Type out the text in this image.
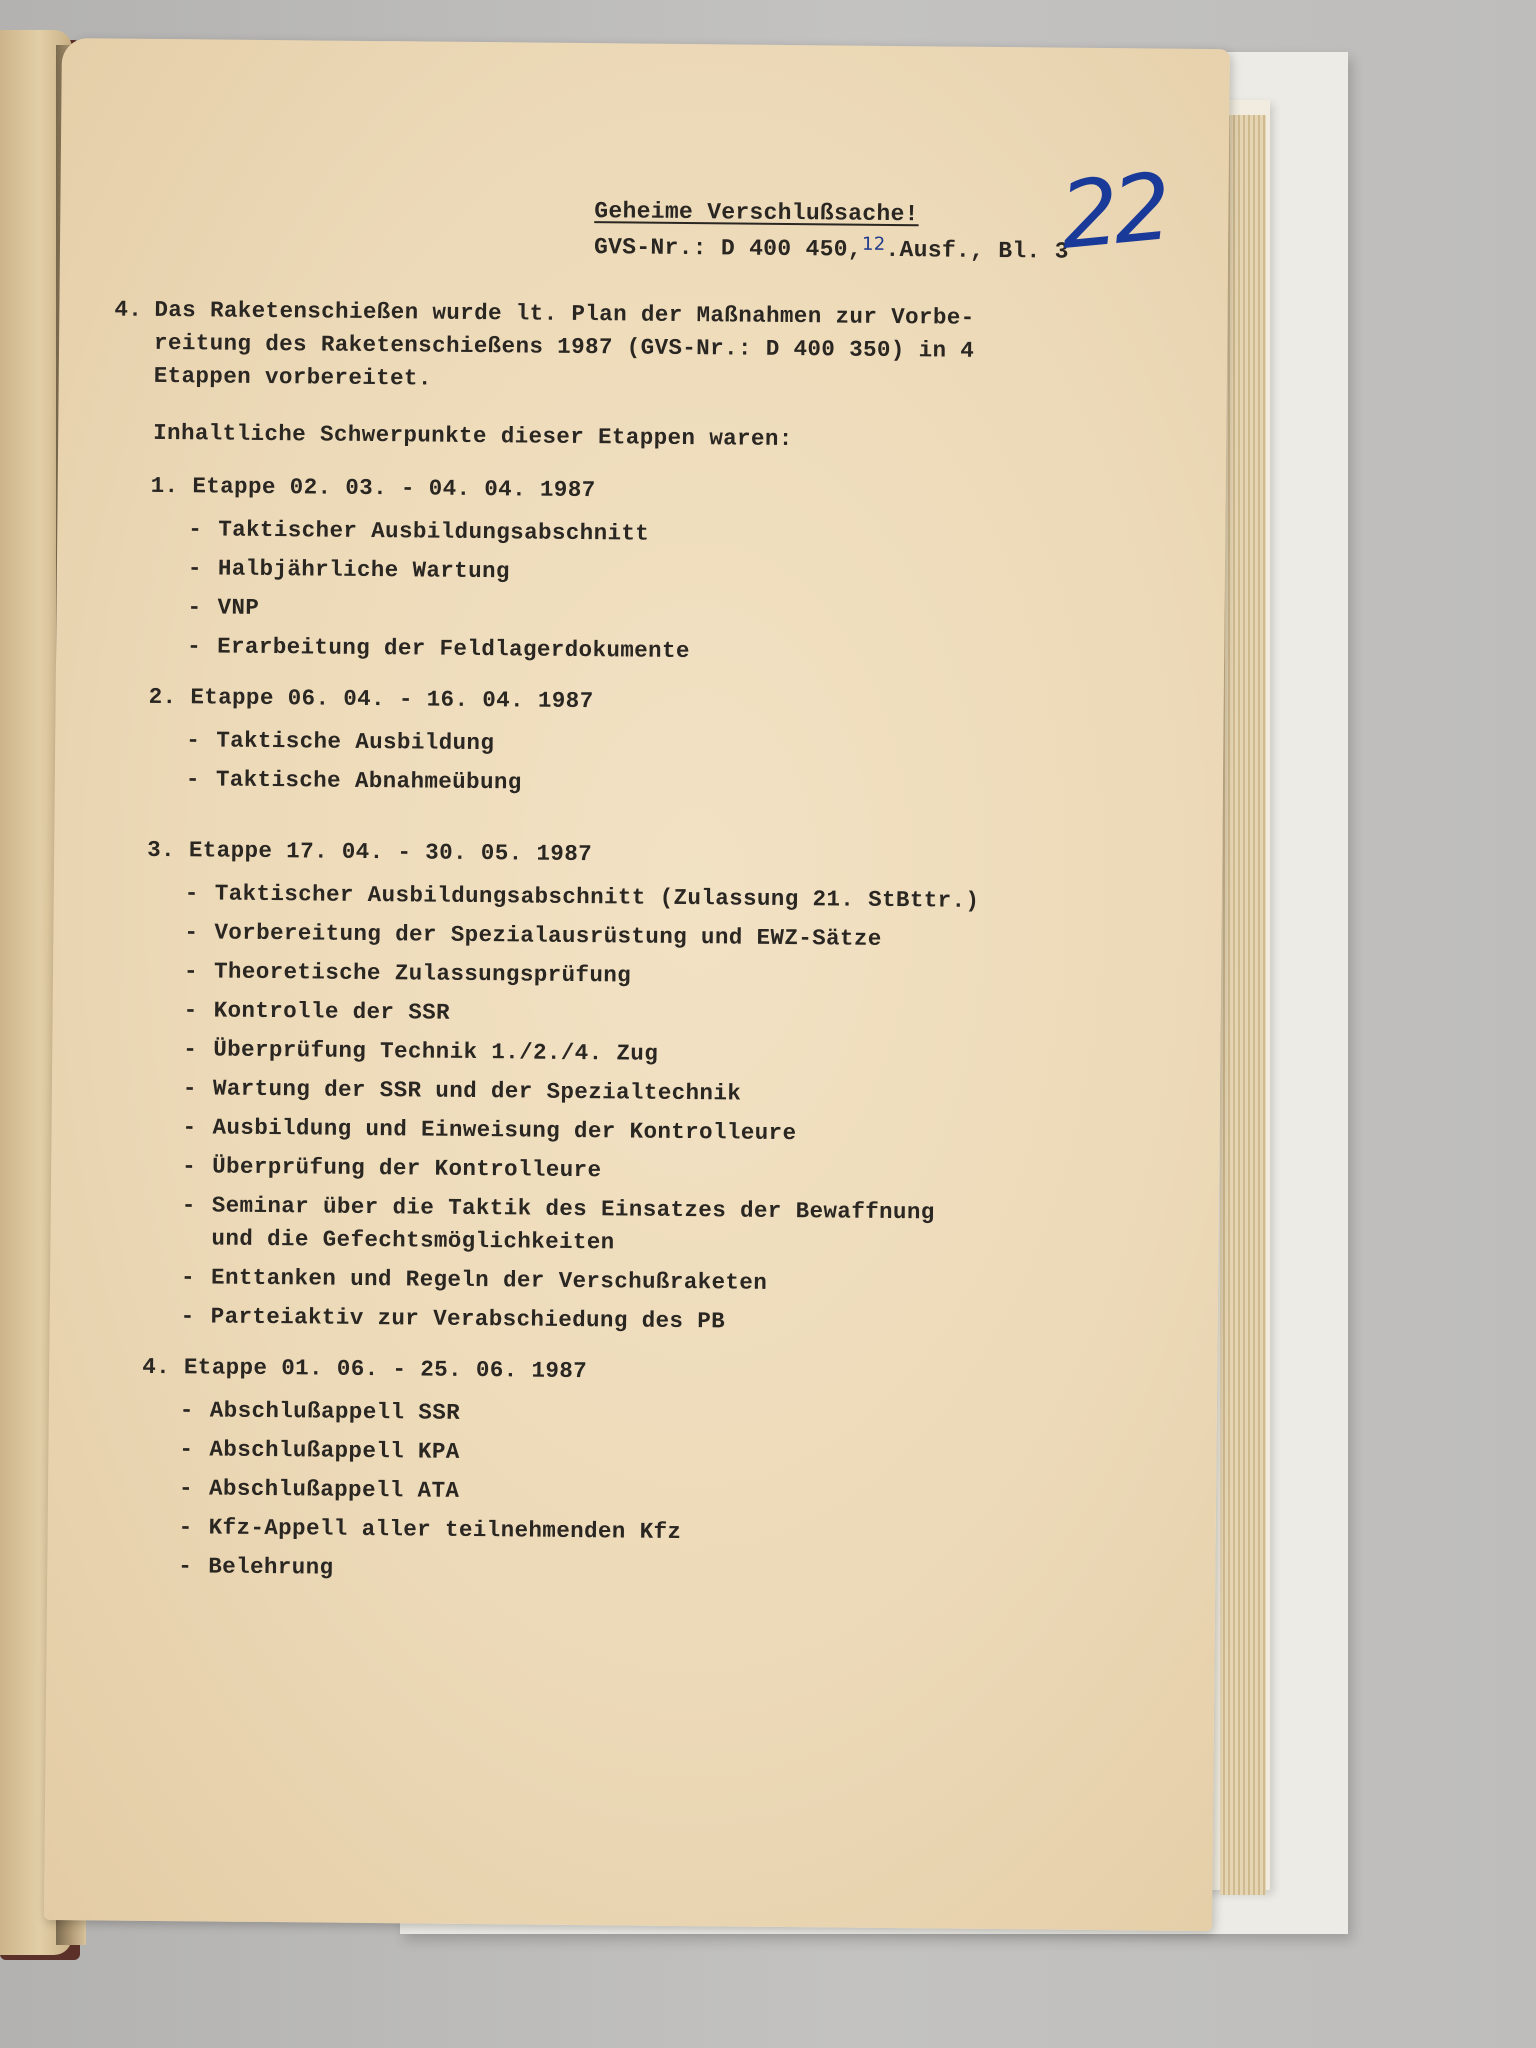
Geheime Verschlußsache!
GVS-Nr.: D 400 450,12.Ausf., Bl. 3
22
4. Das Raketenschießen wurde lt. Plan der Maßnahmen zur Vorbe-
reitung des Raketenschießens 1987 (GVS-Nr.: D 400 350) in 4
Etappen vorbereitet.
Inhaltliche Schwerpunkte dieser Etappen waren:
1. Etappe 02. 03. - 04. 04. 1987
- Taktischer Ausbildungsabschnitt
- Halbjährliche Wartung
- VNP
- Erarbeitung der Feldlagerdokumente
2. Etappe 06. 04. - 16. 04. 1987
- Taktische Ausbildung
- Taktische Abnahmeübung
3. Etappe 17. 04. - 30. 05. 1987
- Taktischer Ausbildungsabschnitt (Zulassung 21. StBttr.)
- Vorbereitung der Spezialausrüstung und EWZ-Sätze
- Theoretische Zulassungsprüfung
- Kontrolle der SSR
- Überprüfung Technik 1./2./4. Zug
- Wartung der SSR und der Spezialtechnik
- Ausbildung und Einweisung der Kontrolleure
- Überprüfung der Kontrolleure
- Seminar über die Taktik des Einsatzes der Bewaffnung
und die Gefechtsmöglichkeiten
- Enttanken und Regeln der Verschußraketen
- Parteiaktiv zur Verabschiedung des PB
4. Etappe 01. 06. - 25. 06. 1987
- Abschlußappell SSR
- Abschlußappell KPA
- Abschlußappell ATA
- Kfz-Appell aller teilnehmenden Kfz
- Belehrung
